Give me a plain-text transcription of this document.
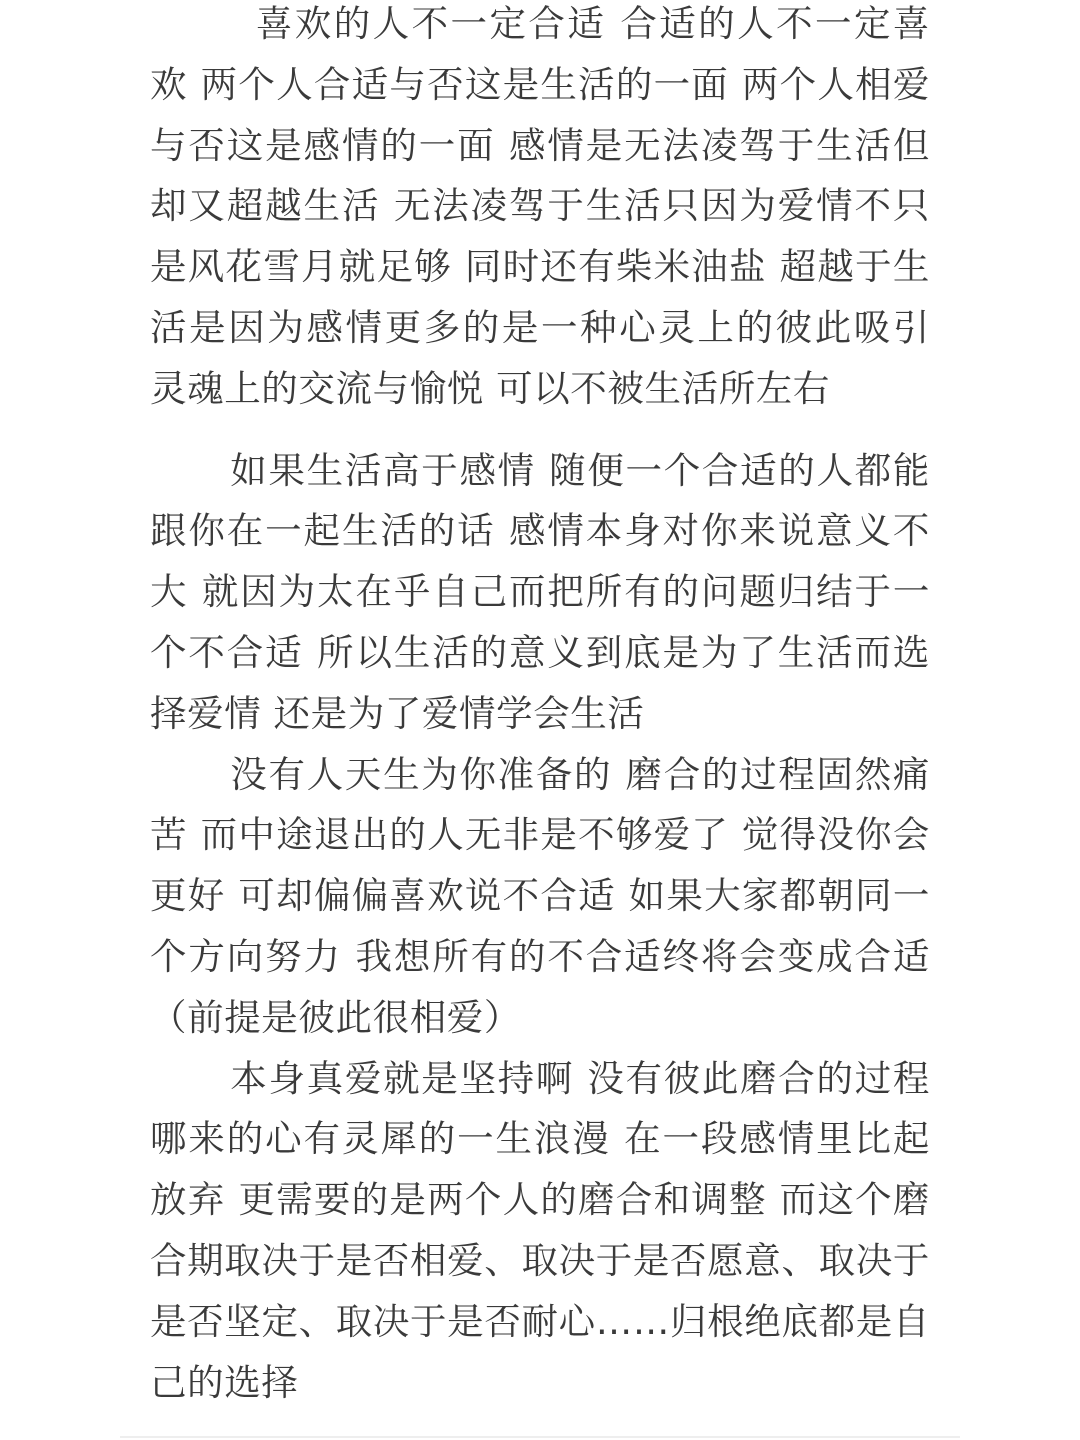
喜欢的人不一定合适 合适的人不一定喜欢 两个人合适与否这是生活的一面 两个人相爱与否这是感情的一面 感情是无法凌驾于生活但却又超越生活 无法凌驾于生活只因为爱情不只是风花雪月就足够 同时还有柴米油盐 超越于生活是因为感情更多的是一种心灵上的彼此吸引 灵魂上的交流与愉悦 可以不被生活所左右

如果生活高于感情 随便一个合适的人都能跟你在一起生活的话 感情本身对你来说意义不大 就因为太在乎自己而把所有的问题归结于一个不合适 所以生活的意义到底是为了生活而选择爱情 还是为了爱情学会生活

没有人天生为你准备的 磨合的过程固然痛苦 而中途退出的人无非是不够爱了 觉得没你会更好 可却偏偏喜欢说不合适 如果大家都朝同一个方向努力 我想所有的不合适终将会变成合适（前提是彼此很相爱）

本身真爱就是坚持啊 没有彼此磨合的过程哪来的心有灵犀的一生浪漫 在一段感情里比起放弃 更需要的是两个人的磨合和调整 而这个磨合期取决于是否相爱、取决于是否愿意、取决于是否坚定、取决于是否耐心……归根绝底都是自己的选择
